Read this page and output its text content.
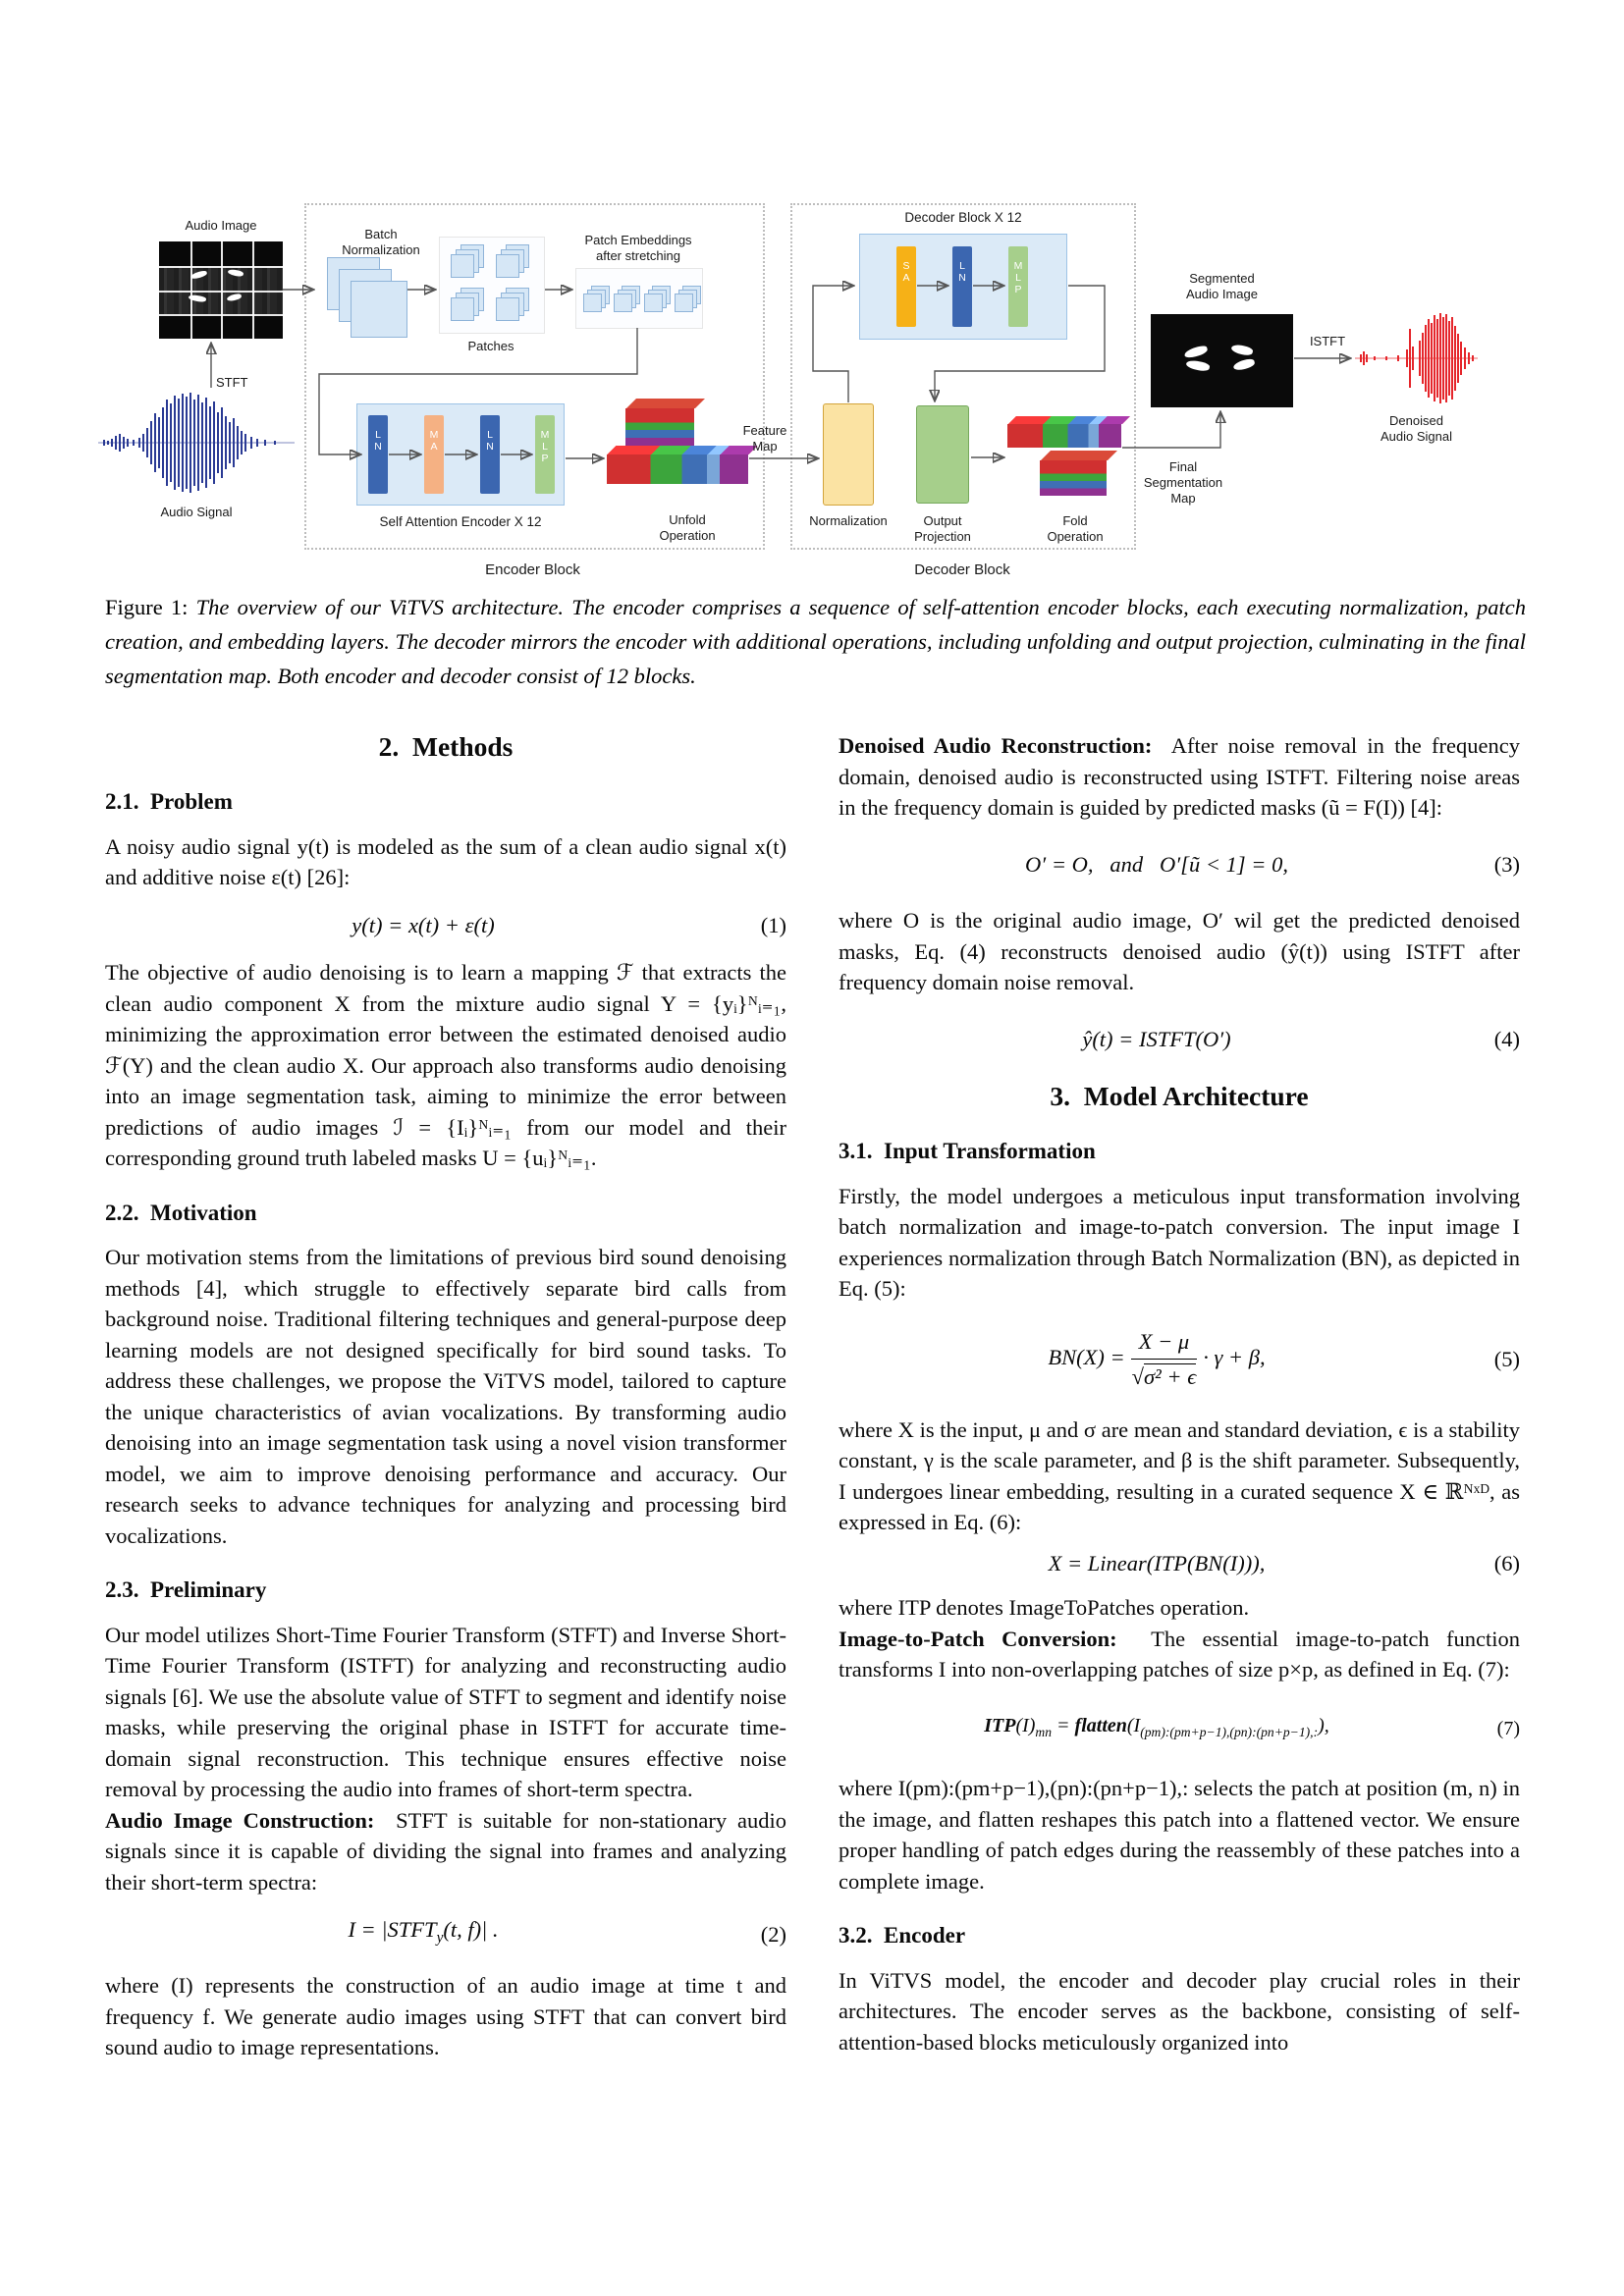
Audio Image
STFT
Audio Signal
Batch
Normalization
Patches
Patch Embeddings
after stretching
LN
MA
LN
MLP
Self Attention Encoder X 12	Unfold
Operation
Feature
Map
Encoder Block
Decoder Block X 12
SA
LN
MLP
Normalization	Output
Projection
Fold
Operation
Decoder Block
Final
Segmentation
Map
Segmented
Audio Image
ISTFT
Denoised
Audio Signal
Figure 1: The overview of our ViTVS architecture. The encoder comprises a sequence of self-attention encoder blocks, each executing normalization, patch creation, and embedding layers. The decoder mirrors the encoder with additional operations, including unfolding and output projection, culminating in the final segmentation map. Both encoder and decoder consist of 12 blocks.
2.  Methods
2.1.  Problem

A noisy audio signal y(t) is modeled as the sum of a clean audio signal x(t) and additive noise ε(t) [26]:

y(t) = x(t) + ε(t)	(1)

The objective of audio denoising is to learn a mapping ℱ that extracts the clean audio component X from the mixture audio signal Y = {yᵢ}ᴺᵢ₌₁, minimizing the approximation error between the estimated denoised audio ℱ(Y) and the clean audio X. Our approach also transforms audio denoising into an image segmentation task, aiming to minimize the error between predictions of audio images ℐ = {Iᵢ}ᴺᵢ₌₁ from our model and their corresponding ground truth labeled masks U = {uᵢ}ᴺᵢ₌₁.

2.2.  Motivation

Our motivation stems from the limitations of previous bird sound denoising methods [4], which struggle to effectively separate bird calls from background noise. Traditional filtering techniques and general-purpose deep learning models are not designed specifically for bird sound tasks. To address these challenges, we propose the ViTVS model, tailored to capture the unique characteristics of avian vocalizations. By transforming audio denoising into an image segmentation task using a novel vision transformer model, we aim to improve denoising performance and accuracy. Our research seeks to advance techniques for analyzing and processing bird vocalizations.

2.3.  Preliminary

Our model utilizes Short-Time Fourier Transform (STFT) and Inverse Short-Time Fourier Transform (ISTFT) for analyzing and reconstructing audio signals [6]. We use the absolute value of STFT to segment and identify noise masks, while preserving the original phase in ISTFT for accurate time-domain signal reconstruction. This technique ensures effective noise removal by processing the audio into frames of short-term spectra.

Audio Image Construction:  STFT is suitable for non-stationary audio signals since it is capable of dividing the signal into frames and analyzing their short-term spectra:

$I = |STFT_y(t$, f)| .	(2)

where (I) represents the construction of an audio image at time t and frequency f. We generate audio images using STFT that can convert bird sound audio to image representations.

Denoised Audio Reconstruction:  After noise removal in the frequency domain, denoised audio is reconstructed using ISTFT. Filtering noise areas in the frequency domain is guided by predicted masks (ũ = F(I)) [4]:

O′ = O,   and   O′[ũ < 1] = 0,	(3)

where O is the original audio image, O′ wil get the predicted denoised masks, Eq. (4) reconstructs denoised audio (ŷ(t)) using ISTFT after frequency domain noise removal.

ŷ(t) = ISTFT(O′)	(4)
3.  Model Architecture
3.1.  Input Transformation

Firstly, the model undergoes a meticulous input transformation involving batch normalization and image-to-patch conversion. The input image I experiences normalization through Batch Normalization (BN), as depicted in Eq. (5):

$BN(X) = \frac{X - \mu}{\text{√σ² + ϵ}} \cdot \gamma + \beta$,	(5)

where X is the input, μ and σ are mean and standard deviation, ϵ is a stability constant, γ is the scale parameter, and β is the shift parameter. Subsequently, I undergoes linear embedding, resulting in a curated sequence X ∈ ℝᴺˣᴰ, as expressed in Eq. (6):

X = Linear(ITP(BN(I))),	(6)

where ITP denotes ImageToPatches operation.

Image-to-Patch Conversion:  The essential image-to-patch function transforms I into non-overlapping patches of size p×p, as defined in Eq. (7):

$ITP(I)_{mn}$ = $flatten(I_{(pm):(pm+p-1),(pn):(pn+p-1),:})$,	(7)

where I(pm):(pm+p−1),(pn):(pn+p−1),: selects the patch at position (m, n) in the image, and flatten reshapes this patch into a flattened vector. We ensure proper handling of patch edges during the reassembly of these patches into a complete image.

3.2.  Encoder

In ViTVS model, the encoder and decoder play crucial roles in their architectures. The encoder serves as the backbone, consisting of self-attention-based blocks meticulously organized into
